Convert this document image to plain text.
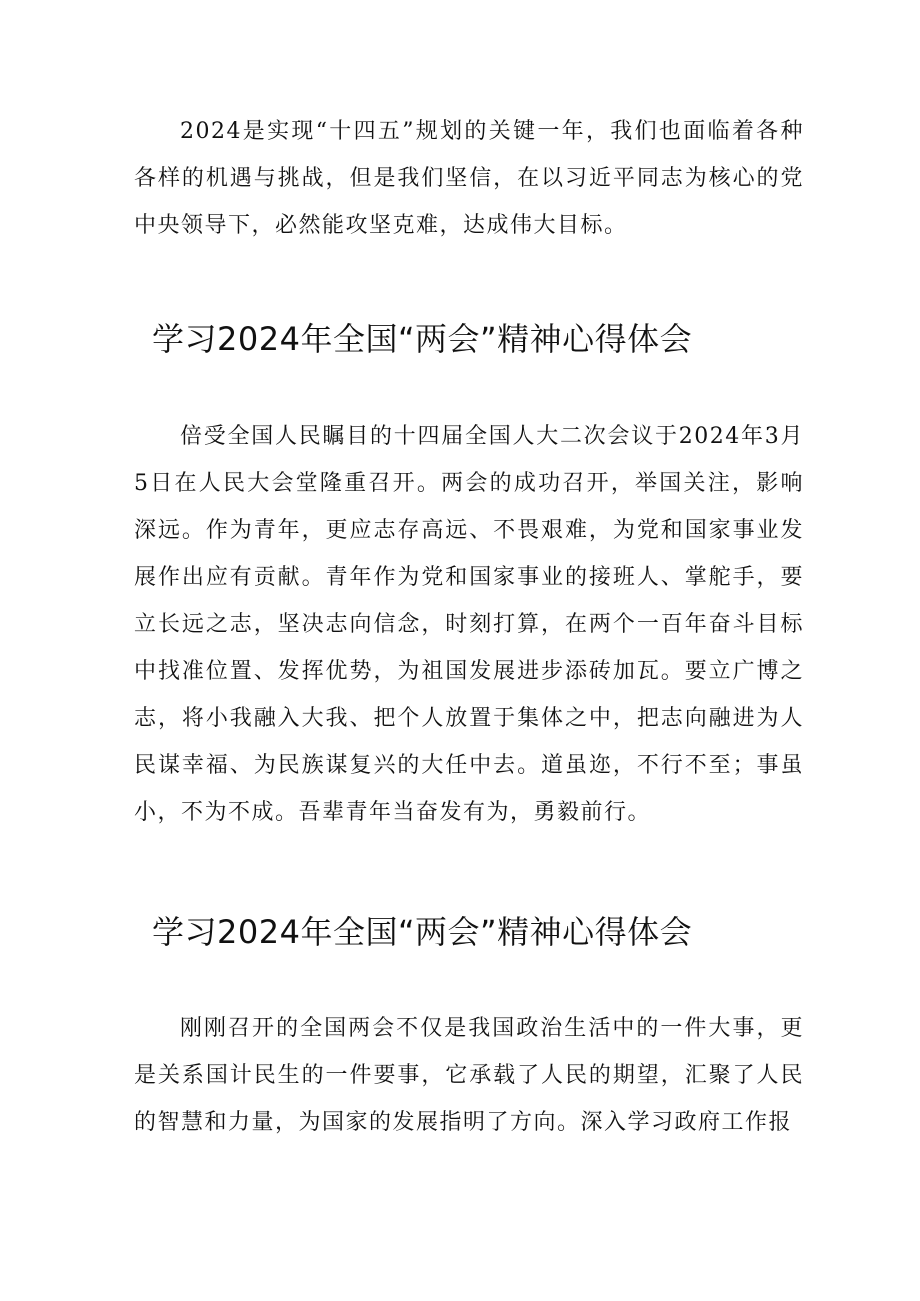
2024是实现“十四五”规划的关键一年，我们也面临着各种各样的机遇与挑战，但是我们坚信，在以习近平同志为核心的党中央领导下，必然能攻坚克难，达成伟大目标。

学习2024年全国“两会”精神心得体会

倍受全国人民瞩目的十四届全国人大二次会议于2024年3月5日在人民大会堂隆重召开。两会的成功召开，举国关注，影响深远。作为青年，更应志存高远、不畏艰难，为党和国家事业发展作出应有贡献。青年作为党和国家事业的接班人、掌舵手，要立长远之志，坚决志向信念，时刻打算，在两个一百年奋斗目标中找准位置、发挥优势，为祖国发展进步添砖加瓦。要立广博之志，将小我融入大我、把个人放置于集体之中，把志向融进为人民谋幸福、为民族谋复兴的大任中去。道虽迩，不行不至；事虽小，不为不成。吾辈青年当奋发有为，勇毅前行。

学习2024年全国“两会”精神心得体会

刚刚召开的全国两会不仅是我国政治生活中的一件大事，更是关系国计民生的一件要事，它承载了人民的期望，汇聚了人民的智慧和力量，为国家的发展指明了方向。深入学习政府工作报
